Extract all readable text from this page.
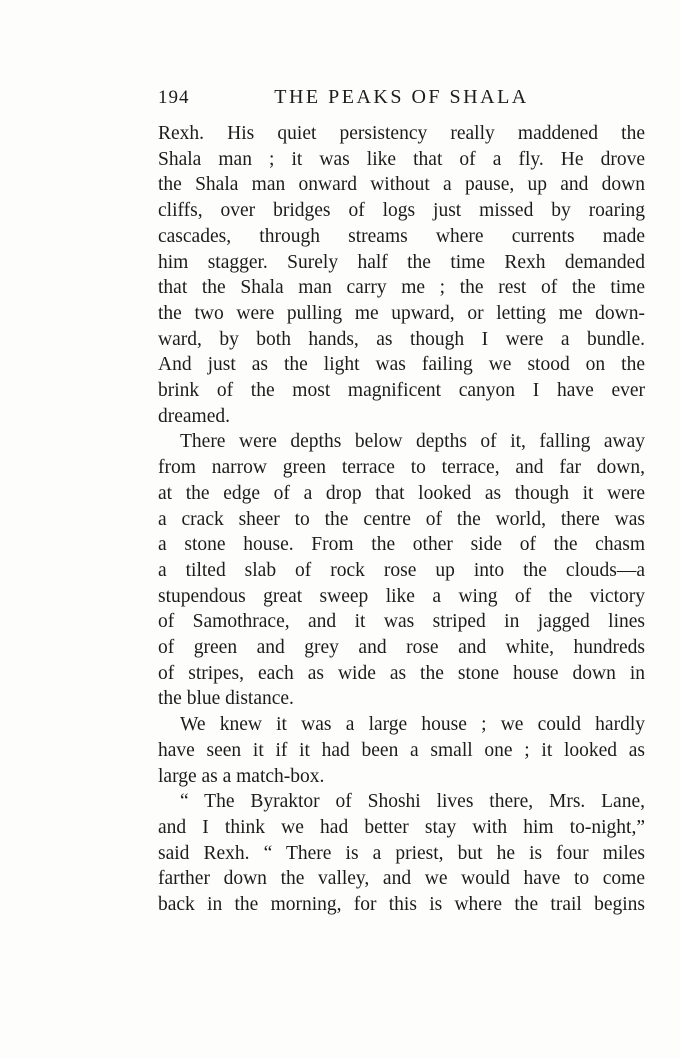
194	THE PEAKS OF SHALA
Rexh. His quiet persistency really maddened the
Shala man ; it was like that of a fly. He drove
the Shala man onward without a pause, up and down
cliffs, over bridges of logs just missed by roaring
cascades, through streams where currents made
him stagger. Surely half the time Rexh demanded
that the Shala man carry me ; the rest of the time
the two were pulling me upward, or letting me down-
ward, by both hands, as though I were a bundle.
And just as the light was failing we stood on the
brink of the most magnificent canyon I have ever
dreamed.
There were depths below depths of it, falling away
from narrow green terrace to terrace, and far down,
at the edge of a drop that looked as though it were
a crack sheer to the centre of the world, there was
a stone house. From the other side of the chasm
a tilted slab of rock rose up into the clouds—a
stupendous great sweep like a wing of the victory
of Samothrace, and it was striped in jagged lines
of green and grey and rose and white, hundreds
of stripes, each as wide as the stone house down in
the blue distance.
We knew it was a large house ; we could hardly
have seen it if it had been a small one ; it looked as
large as a match-box.
“ The Byraktor of Shoshi lives there, Mrs. Lane,
and I think we had better stay with him to-night,”
said Rexh. “ There is a priest, but he is four miles
farther down the valley, and we would have to come
back in the morning, for this is where the trail begins
